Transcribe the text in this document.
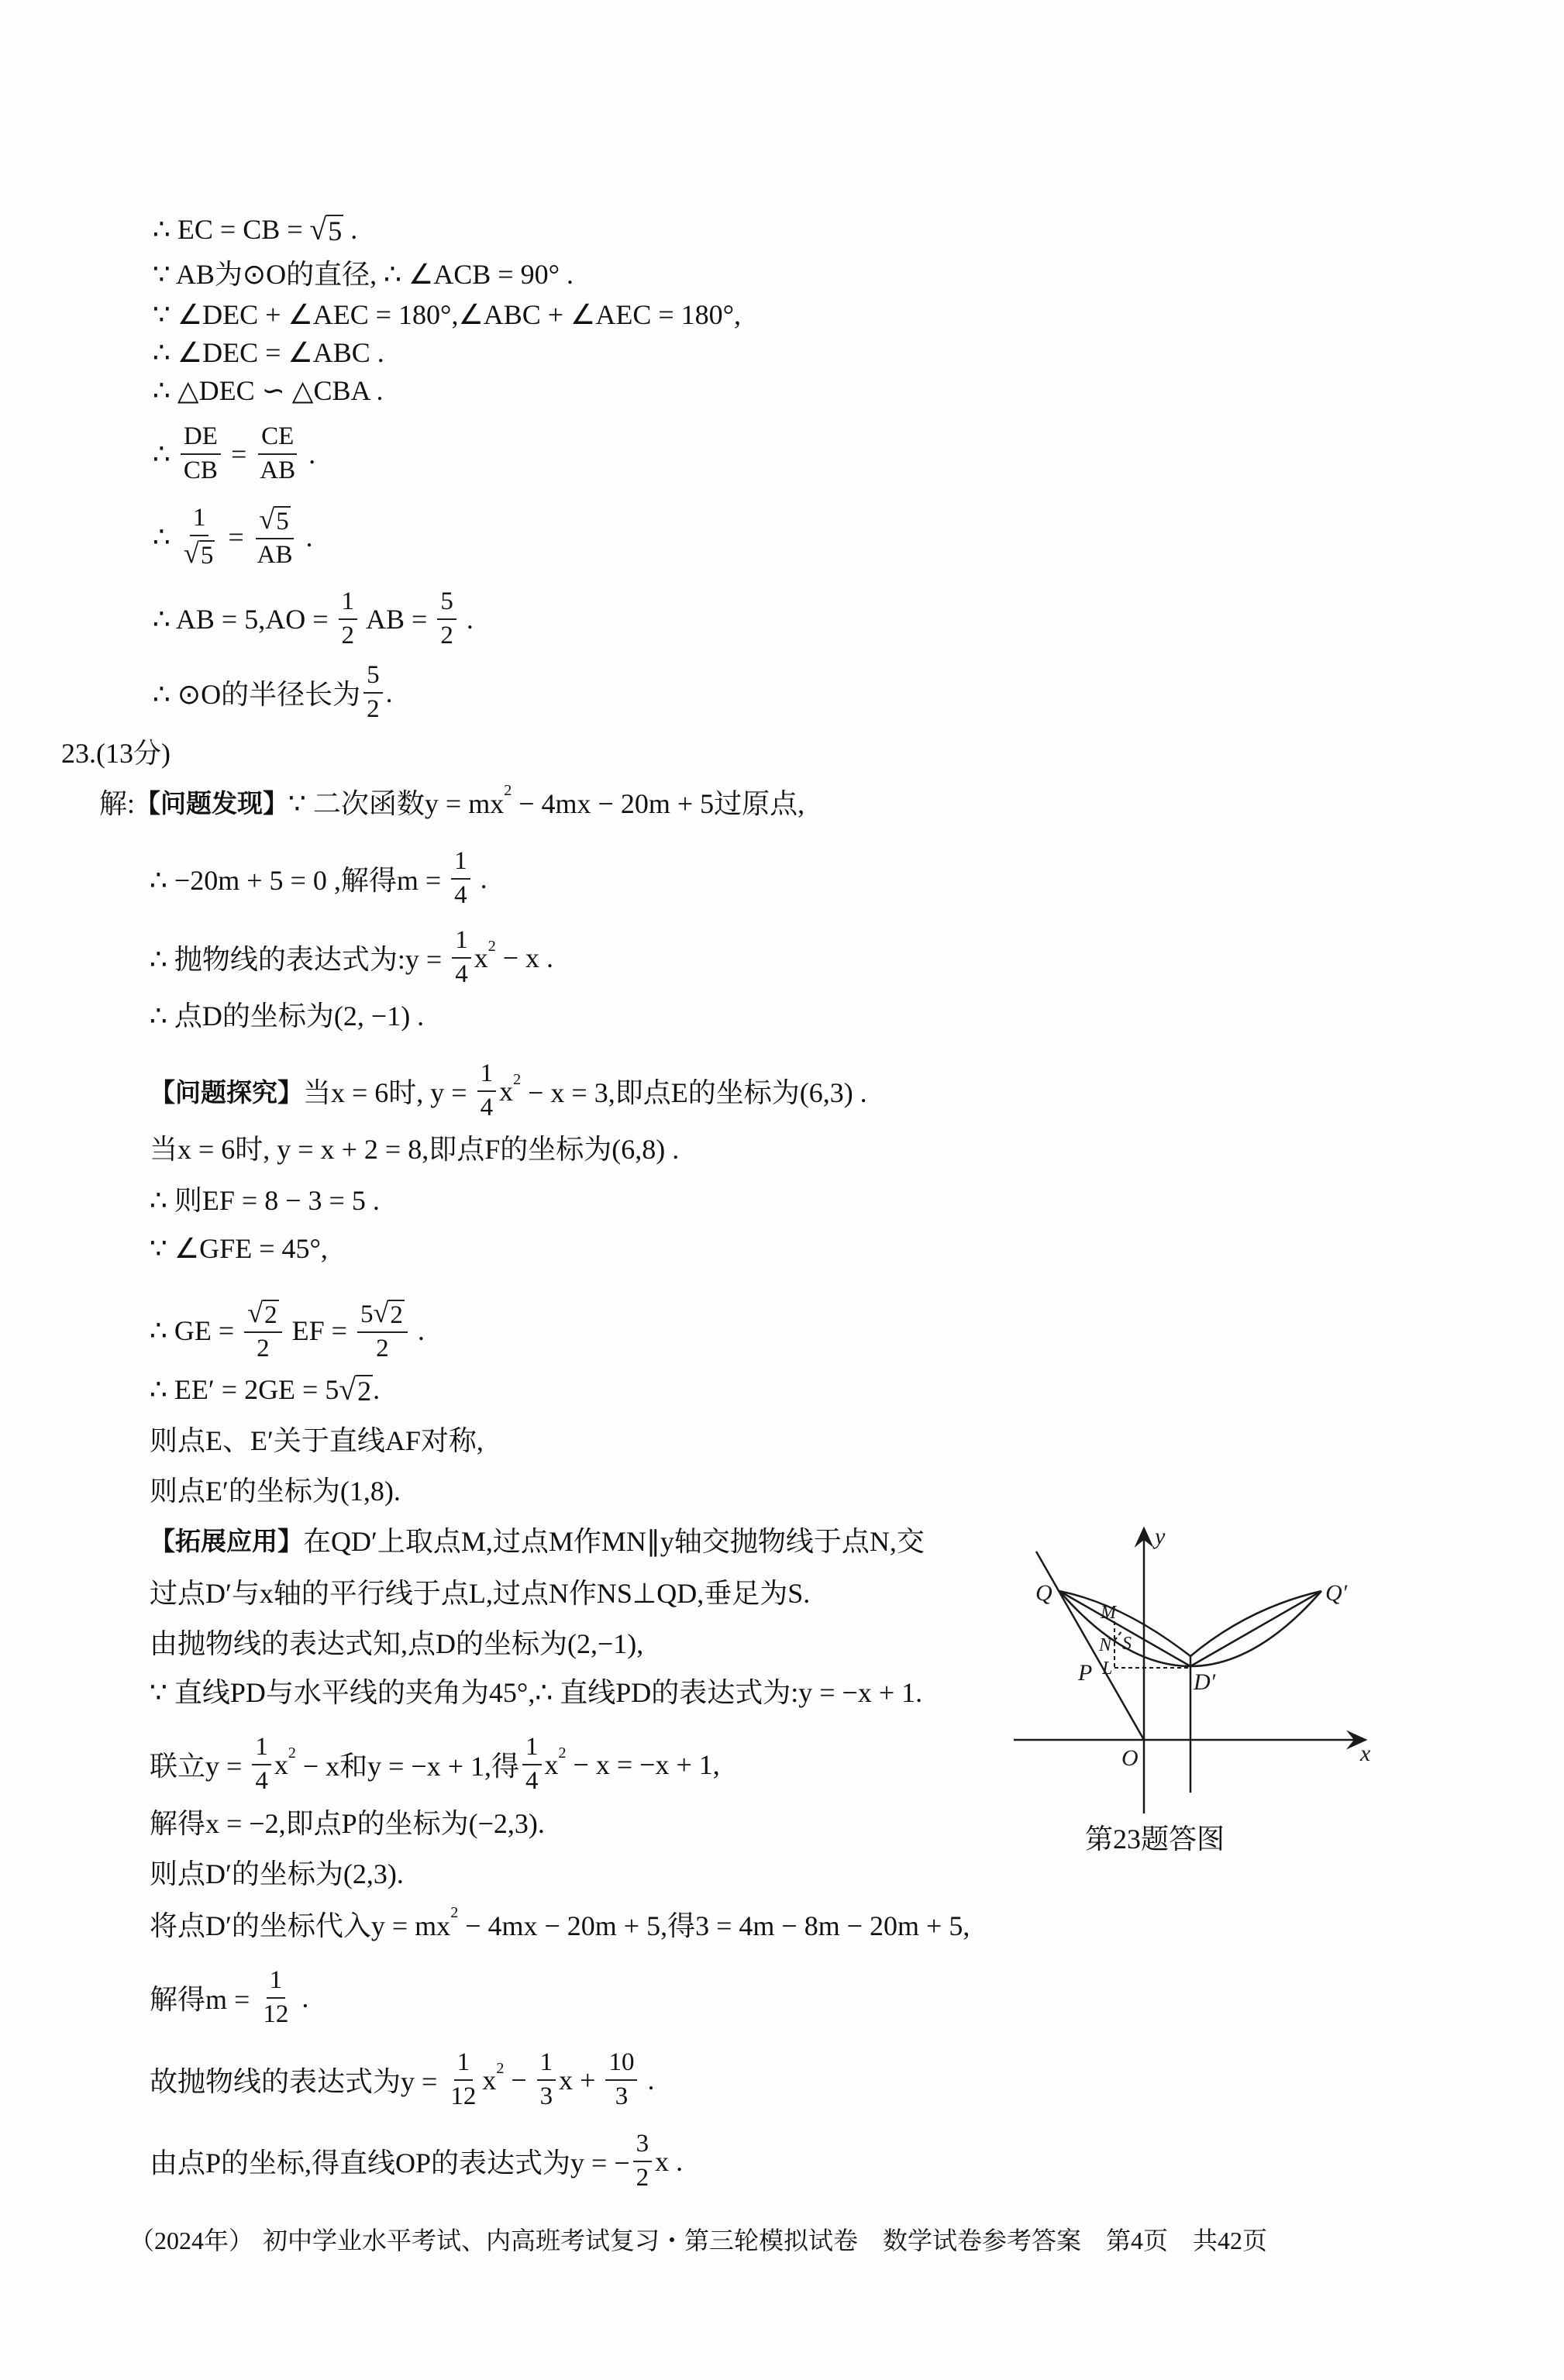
∴ EC = CB = √ 5 .
∵ AB为⊙O的直径, ∴ ∠ACB = 90° .
∵ ∠DEC + ∠AEC = 180°,∠ABC + ∠AEC = 180°,
∴ ∠DEC = ∠ABC .
∴ △DEC ∽ △CBA .
∴ $\frac{DE}{CB} = \frac{CE}{AB}$ .
∴ $\frac{1}{√ 5} = \frac{√ 5}{AB}$ .
∴ AB = $5,AO = \frac{1}{2}$ AB = $\frac{5}{2}$ .
∴ ⊙O的半径长为 $\frac{5}{2}$ .
23.(13分)
解: 【问题发现】 ∵ 二次函数y = mx 2 − 4mx − 20m + 5过原点,
∴ −20m + 5 = 0 ,解得$m = \frac{1}{4}$ .
∴ 抛物线的表达式为:y = $\frac{1}{4}$ x 2 − x .
∴ 点D的坐标为(2, −1) .
【问题探究】 当x = 6时, $y = \frac{1}{4}$ x 2 − x = 3,即点E的坐标为(6,3) .
当x = 6时, y = x + 2 = 8,即点F的坐标为(6,8) .
∴ 则EF = 8 − 3 = 5 .
∵ ∠GFE = 45°,
∴ GE = $\frac{√ 2}{2}$ EF = $\frac{5 √ 2}{2}$ .
∴ EE′ = 2GE = 5 √ 2 .
则点E、E′关于直线AF对称,
则点E′的坐标为(1,8).
【拓展应用】 在QD′上取点M,过点M作MN∥y轴交抛物线于点N,交
过点D′与x轴的平行线于点L,过点N作NS⊥QD,垂足为S.
由抛物线的表达式知,点D的坐标为(2,−1),
∵ 直线PD与水平线的夹角为45°,∴ 直线PD的表达式为:y = −x + 1.
联立$y = \frac{1}{4}$ x 2 − x和y = −x + 1,得 $\frac{1}{4}$ x 2 − x = −x + 1,
解得x = −2,即点P的坐标为(−2,3).
则点D′的坐标为(2,3).
将点D′的坐标代入y = mx 2 − 4mx − 20m + 5,得3 = 4m − 8m − 20m + 5,
解得$m = \frac{1}{12}$ .
故抛物线的表达式为$y = \frac{1}{12}$ x $2 - \frac{1}{3}$ $x + \frac{10}{3}$ .
由点P的坐标,得直线OP的表达式为y = − $\frac{3}{2}$ x .
y
x
O
Q	Q′
M
N S
P L
D′
第23题答图
（2024年） 初中学业水平考试、内高班考试复习・第三轮模拟试卷　数学试卷参考答案　第4页　共42页
